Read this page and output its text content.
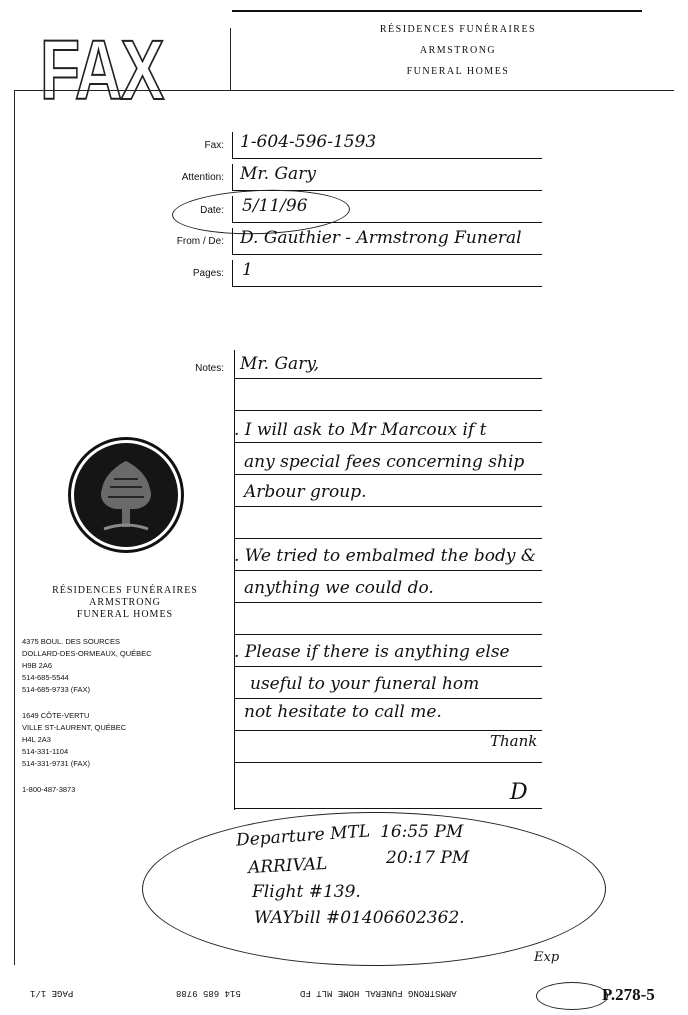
FAX	RÉSIDENCES FUNÉRAIRES
ARMSTRONG
FUNERAL HOMES
Fax: 1-604-596-1593
Attention: Mr. Gary
Date: 5/11/96
From / De: D. Gauthier - Armstrong Funeral
Pages: 1
Notes: Mr. Gary,
. I will ask to Mr Marcoux if t
any special fees concerning ship
Arbour group.
. We tried to embalmed the body &
anything we could do.
. Please if there is anything else
useful to your funeral hom
not hesitate to call me.
Thank
D
RÉSIDENCES FUNÉRAIRES
ARMSTRONG
FUNERAL HOMES
4375 BOUL. DES SOURCES
DOLLARD-DES-ORMEAUX, QUÉBEC
H9B 2A6
514-685-5544
514-685-9733 (FAX)
1649 CÔTE-VERTU
VILLE ST-LAURENT, QUÉBEC
H4L 2A3
514-331-1104
514-331-9731 (FAX)
1-800-487-3873
Departure MTL 16:55 PM
ARRIVAL	20:17 PM
Flight #139.
WAYbill #01406602362.
PAGE 1/1	514 685 9788	ARMSTRONG FUNERAL HOME MLT FD
Exp
P.278-5
